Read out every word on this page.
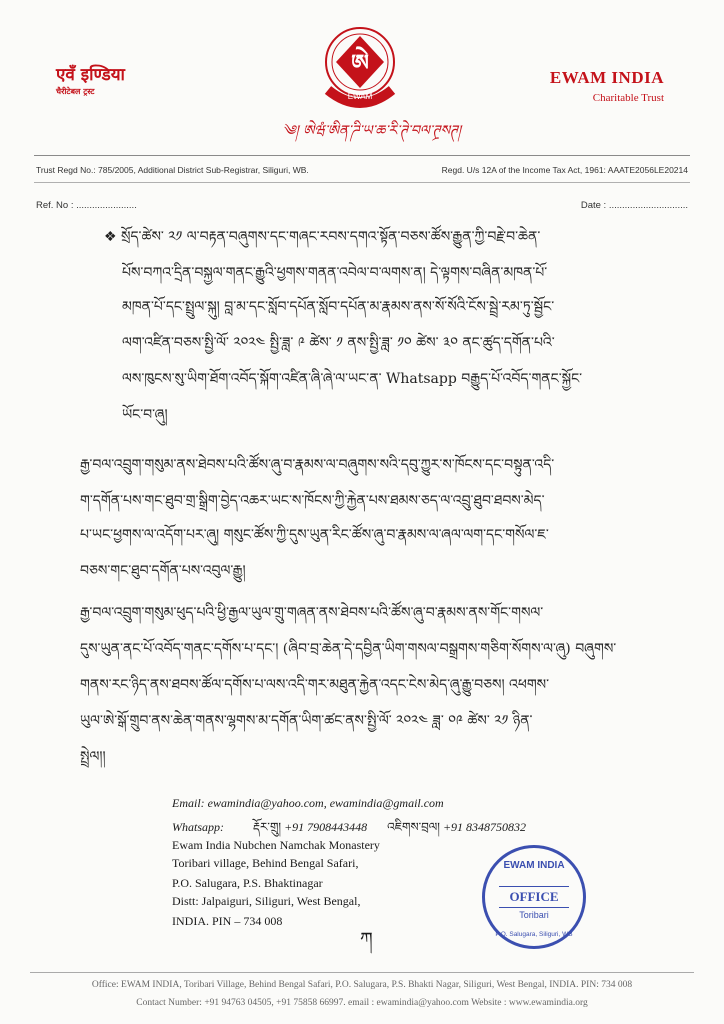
एवँ इण्डिया
चैरीटेबल ट्रस्ट
ཨེ
EWAM
EWAM INDIA
Charitable Trust
༄། ཨེཝཾ་ཨིན་ཌི་ཡ་ཆ་རི་ཊེ་བལ་ཊྲསཊ།
Trust Regd No.: 785/2005, Additional District Sub-Registrar, Siliguri, WB.	Regd. U/s 12A of the Income Tax Act, 1961: AAATE2056LE20214
Ref. No : .......................	Date : ..............................
❖ སྲོད་ཚེས་ ༢༡ ལ་བརྟན་བཞུགས་དང་གཞང་རབས་དགའ་སྟོན་བཅས་ཚོས་རྒྱུན་ཀྱི་བརྗེ་བ་ཆེན་
པོས་བཀའ་དྲིན་བསྐྱལ་གནང་རྒྱུའི་ཕྱགས་གནན་འབེལ་བ་ལགས་ན། དེ་ལྟགས་བཞིན་མཁན་པོ་
མཁན་པོ་དང་སྤྲུལ་སྐུ། བླ་མ་དང་སློབ་དཔོན་སློབ་དཔོན་མ་རྣམས་ནས་སོ་སོའི་ངོས་སྦྲེ་རམ་ཏུ་སྦྱོང་
ལག་འཛིན་བཅས་སྤྱི་ལོ་ ༢༠༢༤ སྤྱི་ཟླ་ ༩ ཚེས་ ༡ ནས་སྤྱི་ཟླ་ ༡༠ ཚེས་ ༣༠ ནང་ཚུད་དགོན་པའི་
ལས་ཁུངས་སུ་ཡིག་ཐོག་འབོད་སྐོག་འཛིན་ཞི་ཞེ་ལ་ཡང་ན་ Whatsapp བརྒྱུད་པོ་འབོད་གནང་སྐྱོང་
ཡོང་བ་ཞུ།
རྒྱ་བལ་འབྲུག་གསུམ་ནས་ཐེབས་པའི་ཚོས་ཞུ་བ་རྣམས་ལ་བཞུགས་སའི་དབུ་ཀྱུར་ས་ཁོངས་དང་བསྟུན་འདི་
ག་དགོན་པས་གང་ཐུབ་གྲ་སྒྲིག་བྱེད་འཆར་ཡང་ས་ཁོངས་ཀྱི་རྐྱེན་པས་ཐམས་ཅད་ལ་འབྲུ་ཐུབ་ཐབས་མེད་
པ་ཡང་ཕྱགས་ལ་འདོག་པར་ཞུ། གསུང་ཚོས་ཀྱི་དུས་ཡུན་རིང་ཚོས་ཞུ་བ་རྣམས་ལ་ཞལ་ལག་དང་གསོལ་ཇ་
བཅས་གང་ཐུབ་དགོན་པས་འབུལ་རྒྱུ།
རྒྱ་བལ་འབྲུག་གསུམ་ཕུད་པའི་ཕྱི་རྒྱལ་ཡུལ་གྲུ་གཞན་ནས་ཐེབས་པའི་ཚོས་ཞུ་བ་རྣམས་ནས་གོང་གསལ་
དུས་ཡུན་ནང་པོ་འབོད་གནང་དགོས་པ་དང་། (ཞིབ་བྲ་ཆེན་དེ་དབྱིན་ཡིག་གསལ་བསྒྲགས་གཅིག་སོགས་ལ་ཞུ) བཞུགས་
གནས་རང་ཉིད་ནས་ཐབས་ཚོལ་དགོས་པ་ལས་འདི་གར་མཐུན་རྐྱེན་འདང་ངེས་མེད་ཞུ་རྒྱུ་བཅས། འཕགས་
ཡུལ་ཨེ་སྒོ་གྲུབ་ནས་ཆེན་གནས་ལྷགས་མ་དགོན་ཡིག་ཚང་ནས་སྤྱི་ལོ་ ༢༠༢༤ ཟླ་ ༠༩ ཚེས་ ༢༡ ཉིན་
སྤྲེལ།།
Email: ewamindia@yahoo.com, ewamindia@gmail.com
Whatsapp: རྡོར་གྲུ། +91 7908443448 འཇིགས་བྲལ། +91 8348750832
Ewam India Nubchen Namchak Monastery
Toribari village, Behind Bengal Safari,
P.O. Salugara, P.S. Bhaktinagar
Distt: Jalpaiguri, Siliguri, West Bengal,
INDIA. PIN – 734 008
ཀ
EWAM INDIA
OFFICE
Toribari
P.O. Salugara, Siliguri, WB
Office: EWAM INDIA, Toribari Village, Behind Bengal Safari, P.O. Salugara, P.S. Bhakti Nagar, Siliguri, West Bengal, INDIA. PIN: 734 008
Contact Number: +91 94763 04505, +91 75858 66997. email : ewamindia@yahoo.com Website : www.ewamindia.org
